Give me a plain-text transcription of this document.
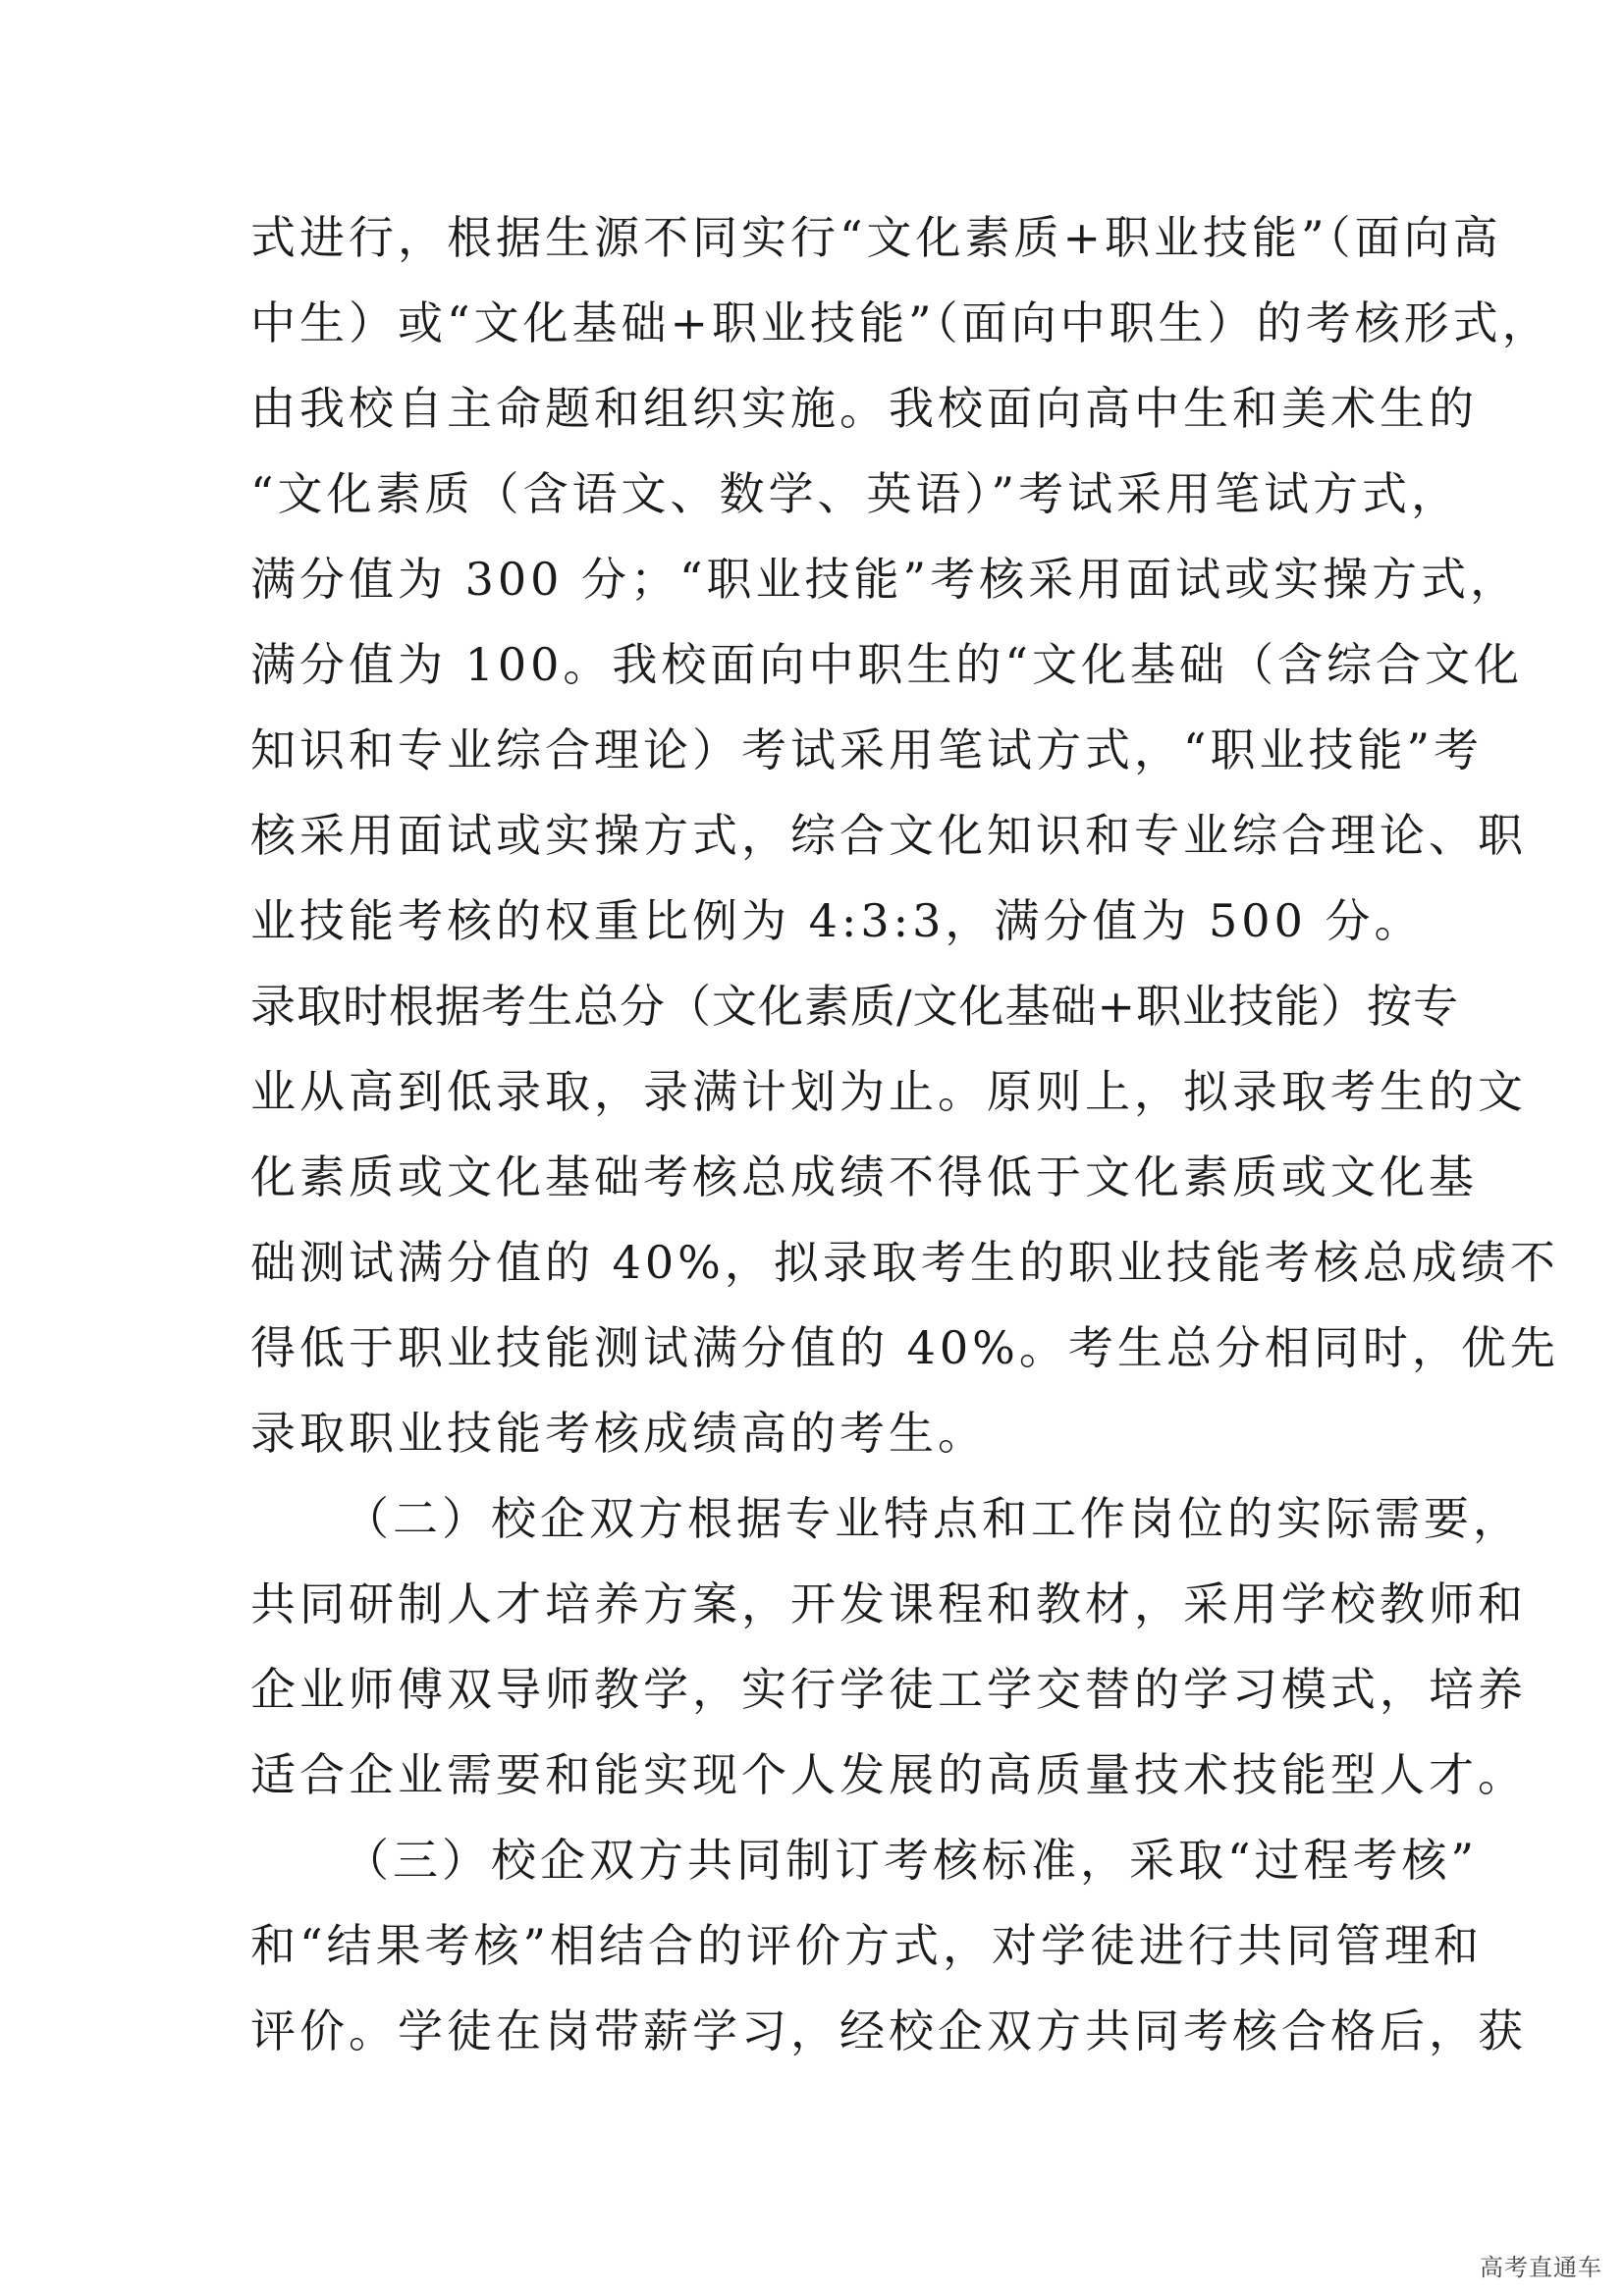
式进行，根据生源不同实行“文化素质+职业技能”（面向高
中生）或“文化基础+职业技能”（面向中职生）的考核形式，
由我校自主命题和组织实施。我校面向高中生和美术生的
“文化素质（含语文、数学、英语）”考试采用笔试方式，
满分值为 300 分；“职业技能”考核采用面试或实操方式，
满分值为 100。我校面向中职生的“文化基础（含综合文化
知识和专业综合理论）考试采用笔试方式，“职业技能”考
核采用面试或实操方式，综合文化知识和专业综合理论、职
业技能考核的权重比例为 4:3:3，满分值为 500 分。
录取时根据考生总分（文化素质/文化基础+职业技能）按专
业从高到低录取，录满计划为止。原则上，拟录取考生的文
化素质或文化基础考核总成绩不得低于文化素质或文化基
础测试满分值的 40%，拟录取考生的职业技能考核总成绩不
得低于职业技能测试满分值的 40%。考生总分相同时，优先
录取职业技能考核成绩高的考生。
（二）校企双方根据专业特点和工作岗位的实际需要，
共同研制人才培养方案，开发课程和教材，采用学校教师和
企业师傅双导师教学，实行学徒工学交替的学习模式，培养
适合企业需要和能实现个人发展的高质量技术技能型人才。
（三）校企双方共同制订考核标准，采取“过程考核”
和“结果考核”相结合的评价方式，对学徒进行共同管理和
评价。学徒在岗带薪学习，经校企双方共同考核合格后，获
高考直通车
